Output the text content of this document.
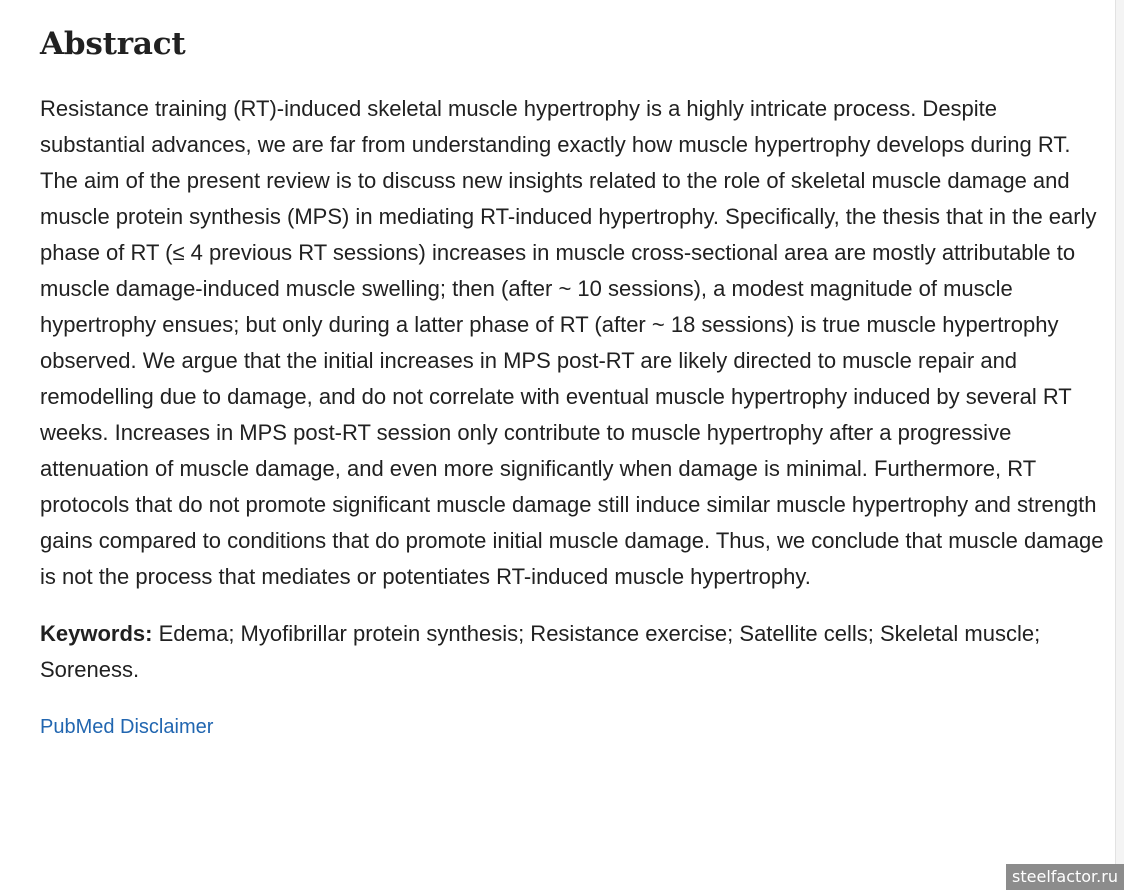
Abstract

Resistance training (RT)-induced skeletal muscle hypertrophy is a highly intricate process. Despite substantial advances, we are far from understanding exactly how muscle hypertrophy develops during RT. The aim of the present review is to discuss new insights related to the role of skeletal muscle damage and muscle protein synthesis (MPS) in mediating RT-induced hypertrophy. Specifically, the thesis that in the early phase of RT (≤ 4 previous RT sessions) increases in muscle cross-sectional area are mostly attributable to muscle damage-induced muscle swelling; then (after ~ 10 sessions), a modest magnitude of muscle hypertrophy ensues; but only during a latter phase of RT (after ~ 18 sessions) is true muscle hypertrophy observed. We argue that the initial increases in MPS post-RT are likely directed to muscle repair and remodelling due to damage, and do not correlate with eventual muscle hypertrophy induced by several RT weeks. Increases in MPS post-RT session only contribute to muscle hypertrophy after a progressive attenuation of muscle damage, and even more significantly when damage is minimal. Furthermore, RT protocols that do not promote significant muscle damage still induce similar muscle hypertrophy and strength gains compared to conditions that do promote initial muscle damage. Thus, we conclude that muscle damage is not the process that mediates or potentiates RT-induced muscle hypertrophy.

Keywords: Edema; Myofibrillar protein synthesis; Resistance exercise; Satellite cells; Skeletal muscle; Soreness.

PubMed Disclaimer
steelfactor.ru
